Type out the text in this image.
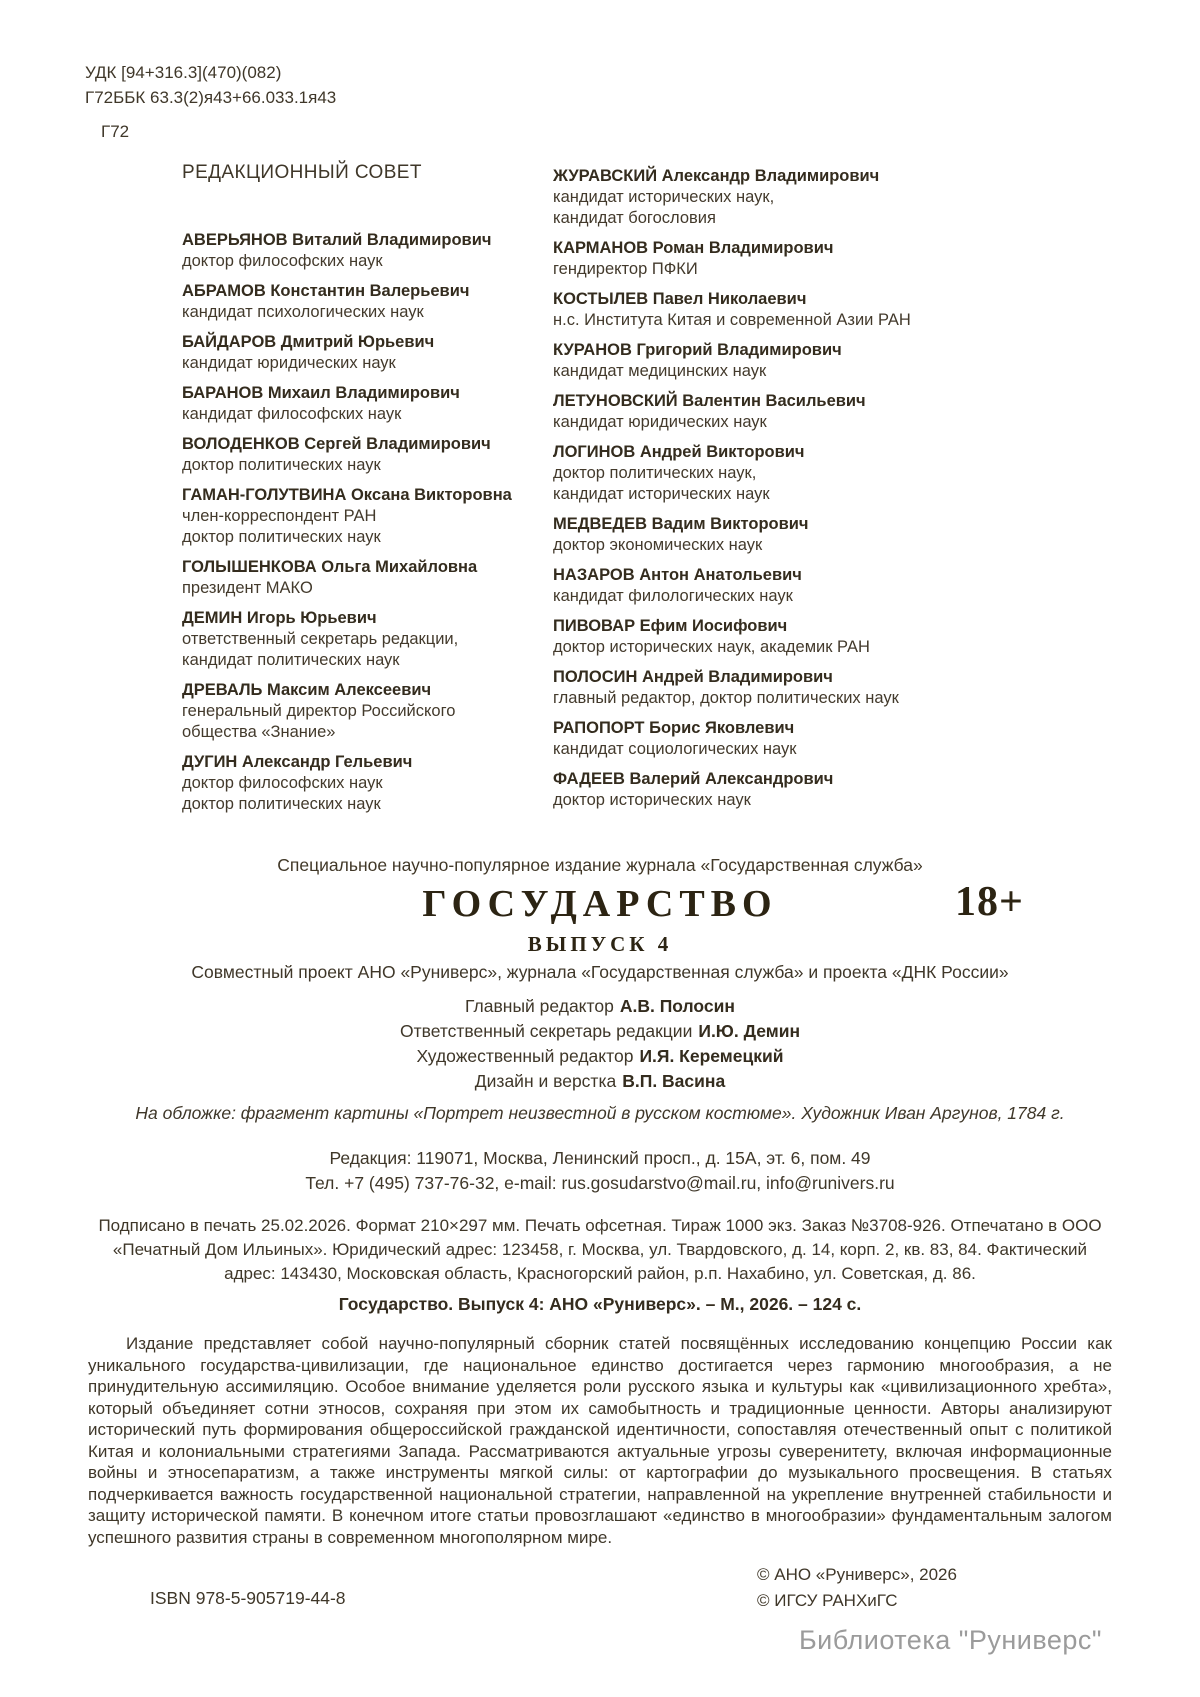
УДК [94+316.3](470)(082)
Г72ББК 63.3(2)я43+66.033.1я43
Г72
РЕДАКЦИОННЫЙ СОВЕТ
АВЕРЬЯНОВ Виталий Владимирович
доктор философских наук
АБРАМОВ Константин Валерьевич
кандидат психологических наук
БАЙДАРОВ Дмитрий Юрьевич
кандидат юридических наук
БАРАНОВ Михаил Владимирович
кандидат философских наук
ВОЛОДЕНКОВ Сергей Владимирович
доктор политических наук
ГАМАН-ГОЛУТВИНА Оксана Викторовна
член-корреспондент РАН
доктор политических наук
ГОЛЫШЕНКОВА Ольга Михайловна
президент МАКО
ДЕМИН Игорь Юрьевич
ответственный секретарь редакции,
кандидат политических наук
ДРЕВАЛЬ Максим Алексеевич
генеральный директор Российского
общества «Знание»
ДУГИН Александр Гельевич
доктор философских наук
доктор политических наук
ЖУРАВСКИЙ Александр Владимирович
кандидат исторических наук,
кандидат богословия
КАРМАНОВ Роман Владимирович
гендиректор ПФКИ
КОСТЫЛЕВ Павел Николаевич
н.с. Института Китая и современной Азии РАН
КУРАНОВ Григорий Владимирович
кандидат медицинских наук
ЛЕТУНОВСКИЙ Валентин Васильевич
кандидат юридических наук
ЛОГИНОВ Андрей Викторович
доктор политических наук,
кандидат исторических наук
МЕДВЕДЕВ Вадим Викторович
доктор экономических наук
НАЗАРОВ Антон Анатольевич
кандидат филологических наук
ПИВОВАР Ефим Иосифович
доктор исторических наук, академик РАН
ПОЛОСИН Андрей Владимирович
главный редактор, доктор политических наук
РАПОПОРТ Борис Яковлевич
кандидат социологических наук
ФАДЕЕВ Валерий Александрович
доктор исторических наук
Специальное научно-популярное издание журнала «Государственная служба»
ГОСУДАРСТВО
ВЫПУСК 4
18+
Совместный проект АНО «Руниверс», журнала «Государственная служба» и проекта «ДНК России»
Главный редактор А.В. Полосин
Ответственный секретарь редакции И.Ю. Демин
Художественный редактор И.Я. Керемецкий
Дизайн и верстка В.П. Васина
На обложке: фрагмент картины «Портрет неизвестной в русском костюме». Художник Иван Аргунов, 1784 г.
Редакция: 119071, Москва, Ленинский просп., д. 15А, эт. 6, пом. 49
Тел. +7 (495) 737-76-32, e-mail: rus.gosudarstvo@mail.ru, info@runivers.ru
Подписано в печать 25.02.2026. Формат 210×297 мм. Печать офсетная. Тираж 1000 экз. Заказ №3708-926. Отпечатано в ООО «Печатный Дом Ильиных». Юридический адрес: 123458, г. Москва, ул. Твардовского, д. 14, корп. 2, кв. 83, 84. Фактический адрес: 143430, Московская область, Красногорский район, р.п. Нахабино, ул. Советская, д. 86.
Государство. Выпуск 4: АНО «Руниверс». – М., 2026. – 124 с.
Издание представляет собой научно-популярный сборник статей посвящённых исследованию концепцию России как уникального государства-цивилизации, где национальное единство достигается через гармонию многообразия, а не принудительную ассимиляцию. Особое внимание уделяется роли русского языка и культуры как «цивилизационного хребта», который объединяет сотни этносов, сохраняя при этом их самобытность и традиционные ценности. Авторы анализируют исторический путь формирования общероссийской гражданской идентичности, сопоставляя отечественный опыт с политикой Китая и колониальными стратегиями Запада. Рассматриваются актуальные угрозы суверенитету, включая информационные войны и этносепаратизм, а также инструменты мягкой силы: от картографии до музыкального просвещения. В статьях подчеркивается важность государственной национальной стратегии, направленной на укрепление внутренней стабильности и защиту исторической памяти. В конечном итоге статьи провозглашают «единство в многообразии» фундаментальным залогом успешного развития страны в современном многополярном мире.
ISBN 978-5-905719-44-8
© АНО «Руниверс», 2026
© ИГСУ РАНХиГС
Библиотека "Руниверс"
